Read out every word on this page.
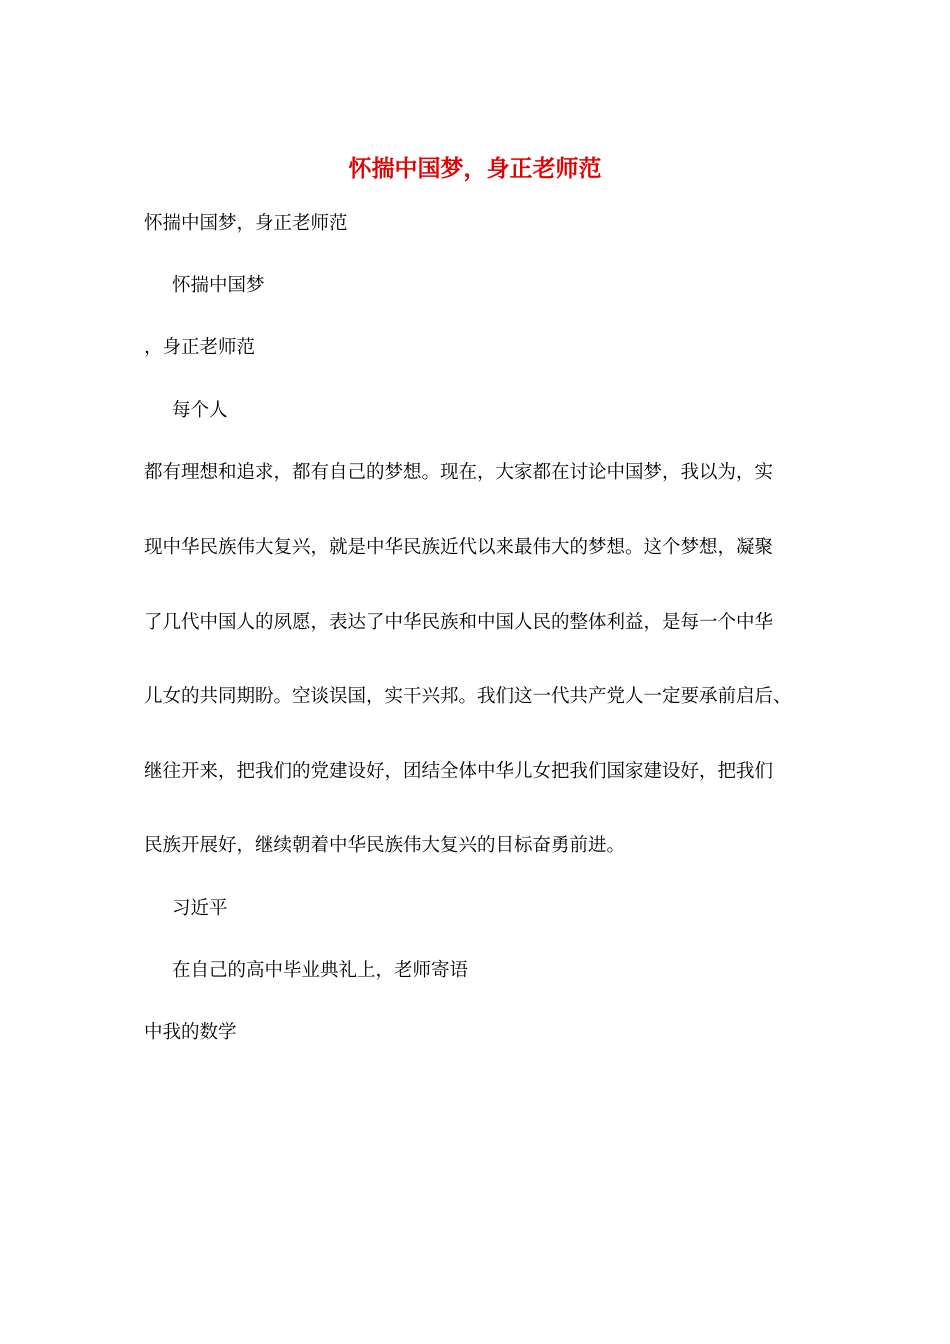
怀揣中国梦，身正老师范
怀揣中国梦，身正老师范
怀揣中国梦
，身正老师范
每个人
都有理想和追求，都有自己的梦想。现在，大家都在讨论中国梦，我以为，实
现中华民族伟大复兴，就是中华民族近代以来最伟大的梦想。这个梦想，凝聚
了几代中国人的夙愿，表达了中华民族和中国人民的整体利益，是每一个中华
儿女的共同期盼。空谈误国，实干兴邦。我们这一代共产党人一定要承前启后、
继往开来，把我们的党建设好，团结全体中华儿女把我们国家建设好，把我们
民族开展好，继续朝着中华民族伟大复兴的目标奋勇前进。
习近平
在自己的高中毕业典礼上，老师寄语
中我的数学
